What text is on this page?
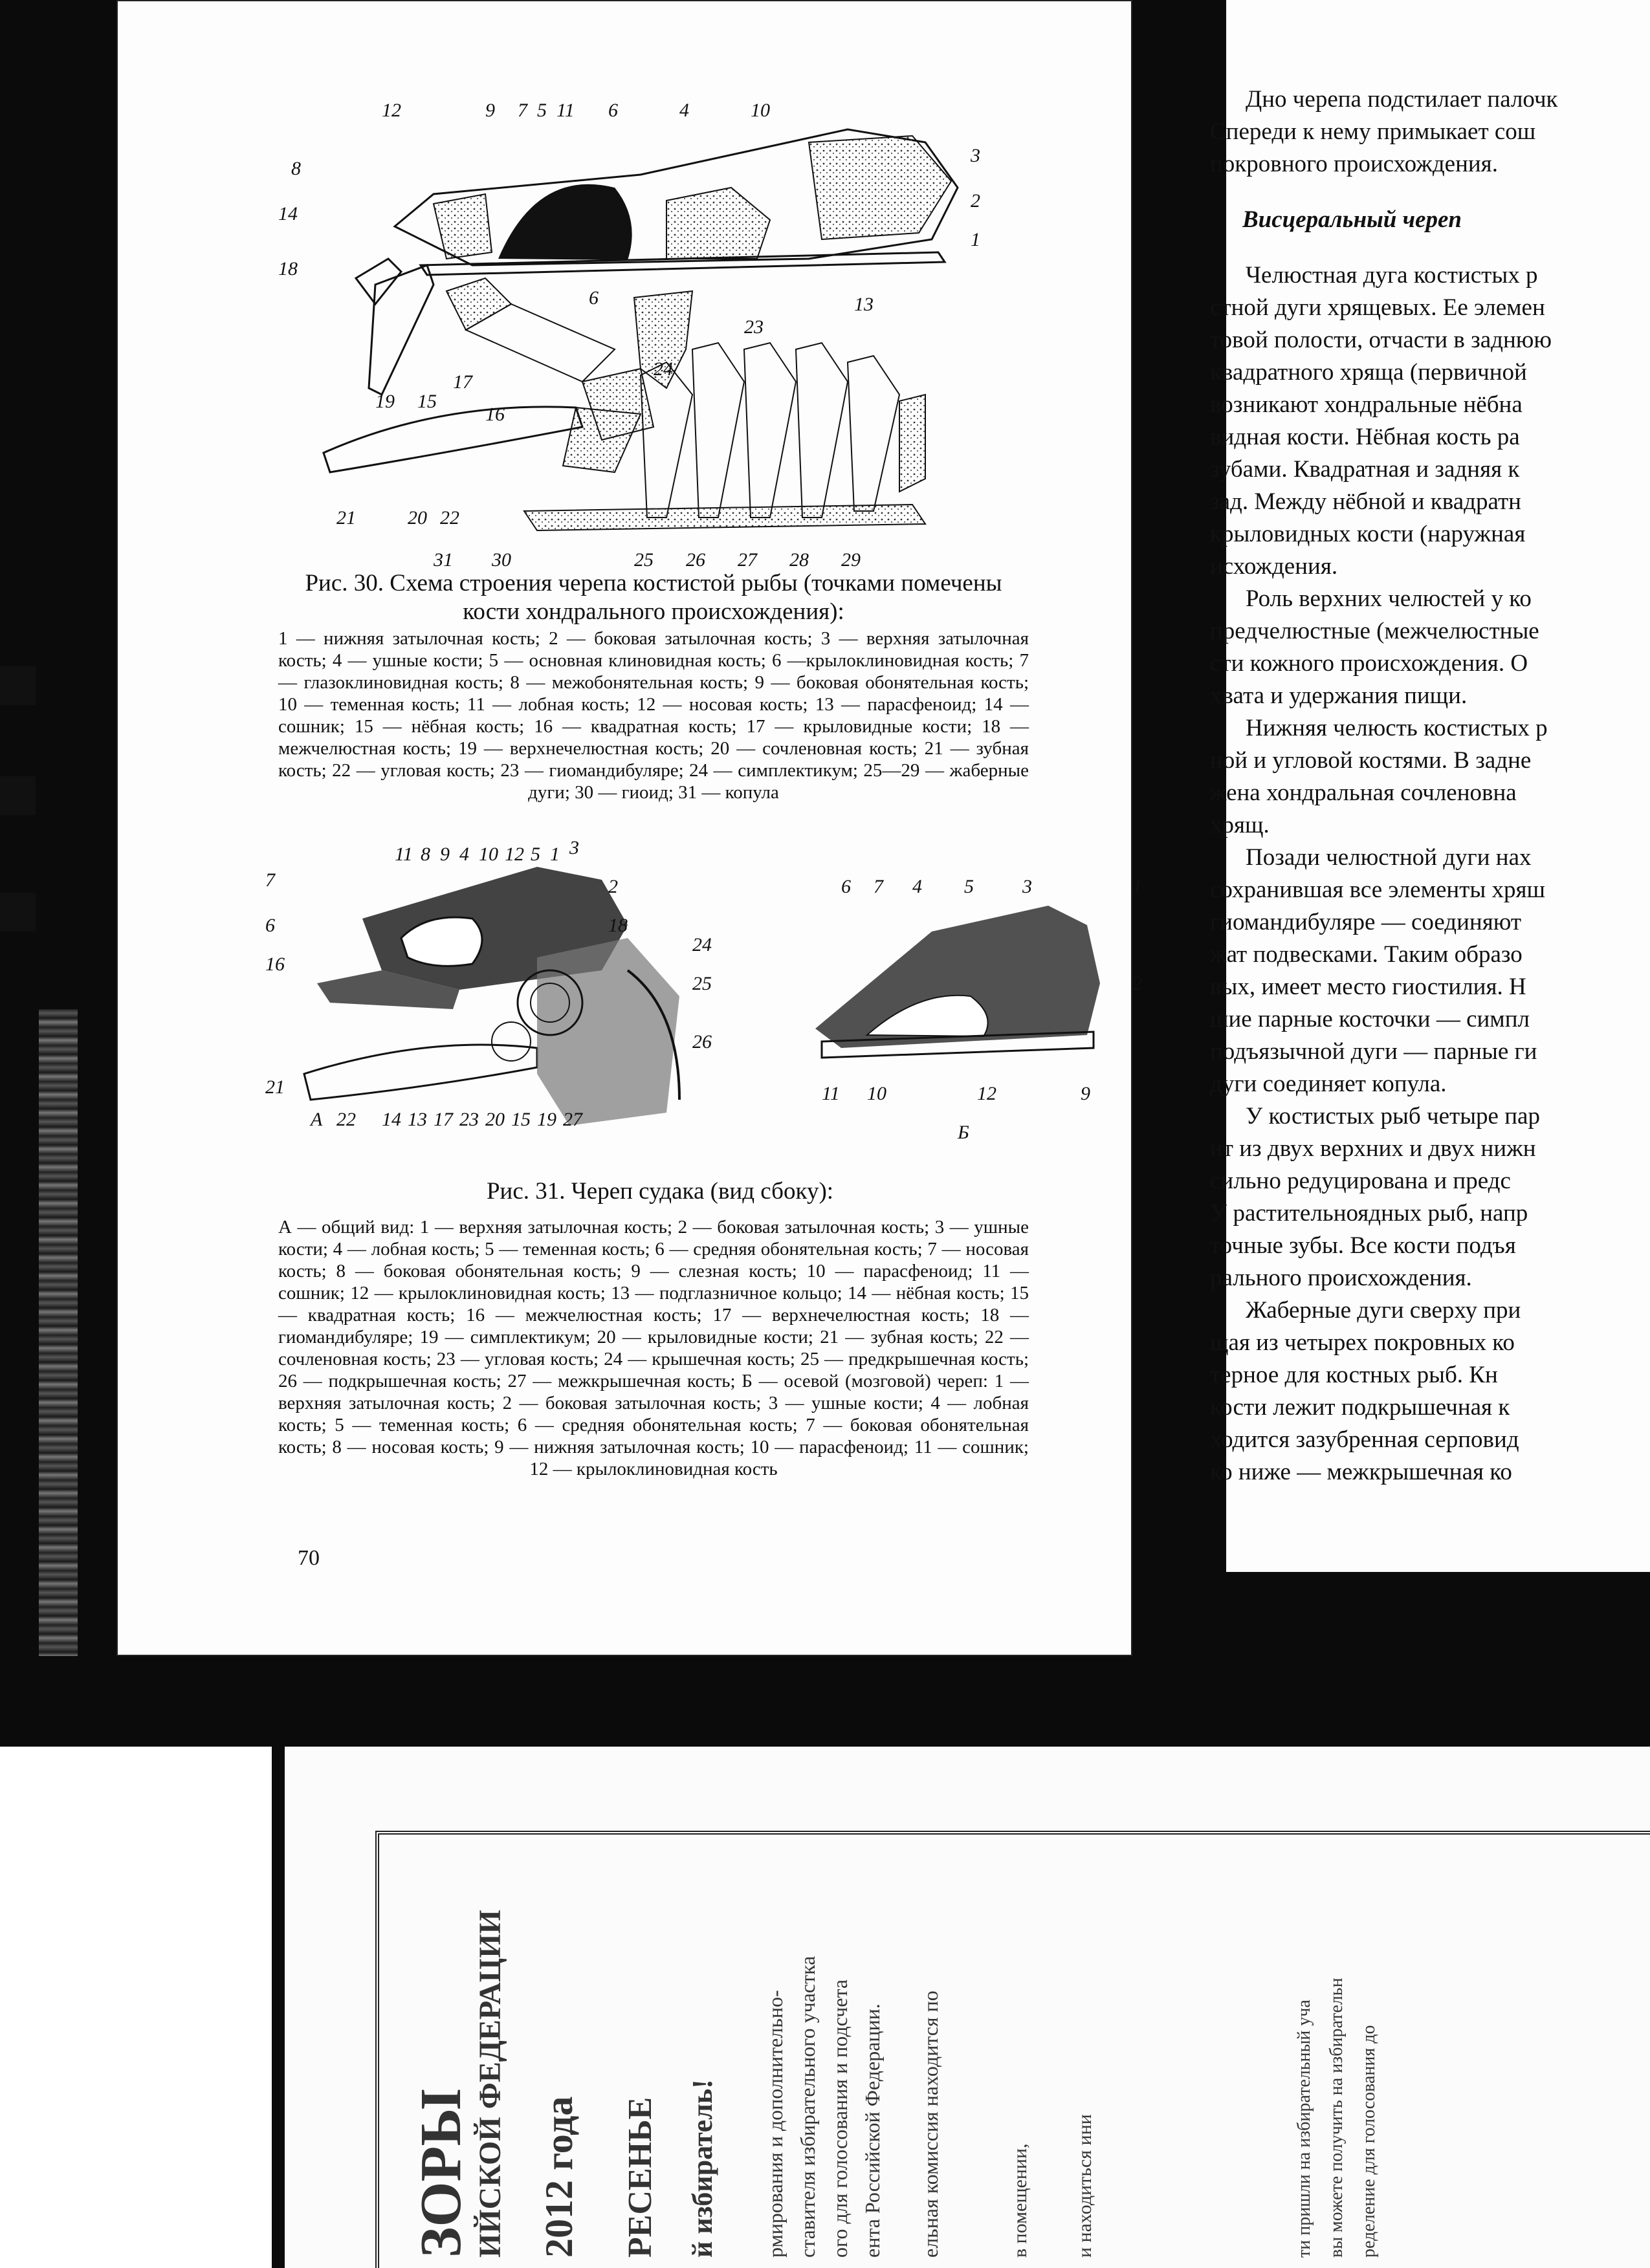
12	9 7 5 11 6	4	10
3
8
2
14
1
18
6	13
23
19 15
17
16
24
21	20 22
31 30	25 26 27 28 29
Рис. 30. Схема строения черепа костистой рыбы (точками помечены кости хондрального происхождения):
1 — нижняя затылочная кость; 2 — боковая затылочная кость; 3 — верхняя затылочная кость; 4 — ушные кости; 5 — основная клиновидная кость; 6 —крылоклиновидная кость; 7 — глазоклиновидная кость; 8 — межобонятельная кость; 9 — боковая обонятельная кость; 10 — теменная кость; 11 — лобная кость; 12 — носовая кость; 13 — парасфеноид; 14 — сошник; 15 — нёбная кость; 16 — квадратная кость; 17 — крыловидные кости; 18 — межчелюстная кость; 19 — верхнечелюстная кость; 20 — сочленовная кость; 21 — зубная кость; 22 — угловая кость; 23 — гиомандибуляре; 24 — симплектикум; 25—29 — жаберные дуги; 30 — гиоид; 31 — копула
11 8 9 4 10 12 5 1 3
7	2
6	18
24
16
25
26
21
22 14 13 17 23 20 15 19 27
А
6 7 4 5	3	1
2
11 10	12	9
Б
Рис. 31. Череп судака (вид сбоку):
А — общий вид: 1 — верхняя затылочная кость; 2 — боковая затылочная кость; 3 — ушные кости; 4 — лобная кость; 5 — теменная кость; 6 — средняя обонятельная кость; 7 — носовая кость; 8 — боковая обонятельная кость; 9 — слезная кость; 10 — парасфеноид; 11 — сошник; 12 — крылоклиновидная кость; 13 — подглазничное кольцо; 14 — нёбная кость; 15 — квадратная кость; 16 — межчелюстная кость; 17 — верхнечелюстная кость; 18 — гиомандибуляре; 19 — симплектикум; 20 — крыловидные кости; 21 — зубная кость; 22 — сочленовная кость; 23 — угловая кость; 24 — крышечная кость; 25 — предкрышечная кость; 26 — подкрышечная кость; 27 — межкрышечная кость; Б — осевой (мозговой) череп: 1 — верхняя затылочная кость; 2 — боковая затылочная кость; 3 — ушные кости; 4 — лобная кость; 5 — теменная кость; 6 — средняя обонятельная кость; 7 — боковая обонятельная кость; 8 — носовая кость; 9 — нижняя затылочная кость; 10 — парасфеноид; 11 — сошник; 12 — крылоклиновидная кость
70
Дно черепа подстилает палочк
Спереди к нему примыкает сош
покровного происхождения.
Висцеральный череп
Челюстная дуга костистых р
стной дуги хрящевых. Ее элемен
товой полости, отчасти в заднюю
квадратного хряща (первичной
возникают хондральные нёбна
видная кости. Нёбная кость ра
зубами. Квадратная и задняя к
зад. Между нёбной и квадратн
крыловидных кости (наружная
исхождения.
Роль верхних челюстей у ко
предчелюстные (межчелюстные
сти кожного происхождения. О
хвата и удержания пищи.
Нижняя челюсть костистых р
ной и угловой костями. В задне
жена хондральная сочленовна
хрящ.
Позади челюстной дуги нах
сохранившая все элементы хряш
гиомандибуляре — соединяют
жат подвесками. Таким образо
вых, имеет место гиостилия. Н
шие парные косточки — симпл
подъязычной дуги — парные ги
дуги соединяет копула.
У костистых рыб четыре пар
ит из двух верхних и двух нижн
сильно редуцирована и предс
У растительноядных рыб, напр
точные зубы. Все кости подъя
рального происхождения.
Жаберные дуги сверху при
щая из четырех покровных ко
терное для костных рыб. Кн
кости лежит подкрышечная к
ходится зазубренная серповид
ко ниже — межкрышечная ко
ЗОРЫ ИЙСКОЙ ФЕДЕРАЦИИ 2012 года РЕСЕНЬЕ й избиратель! рмирования и дополнительно- ставителя избирательного участка ого для голосования и подсчета ента Российской Федерации. ельная комиссия находится по	в помещении, и находиться ини	ти пришли на избирательный уча вы можете получить на избирательн ределение для голосования до
